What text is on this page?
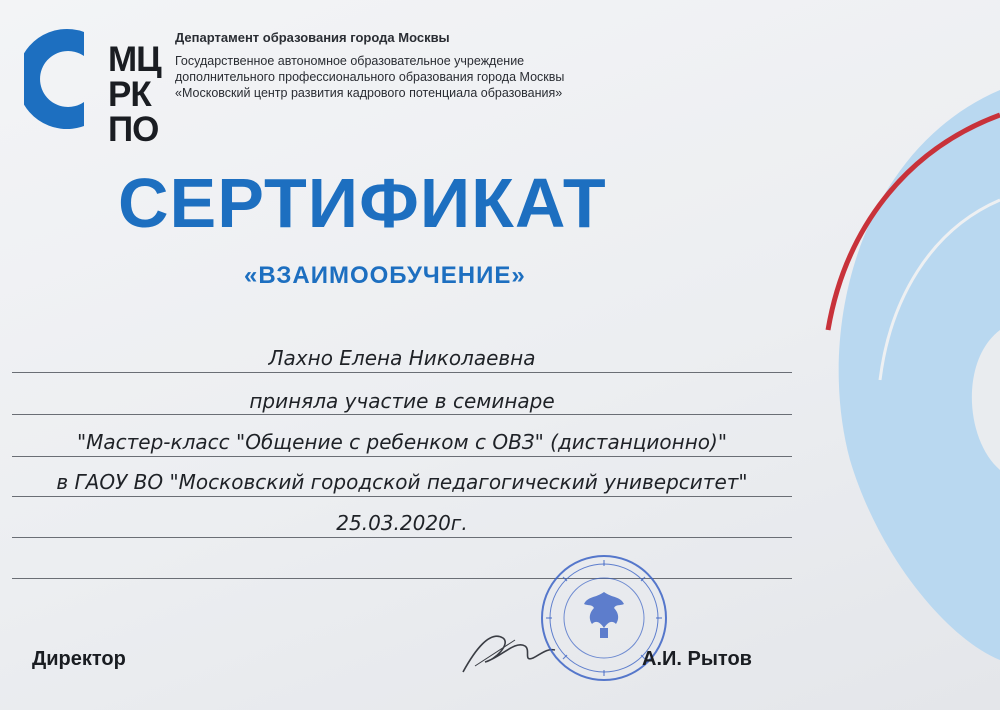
МЦ
РК
ПО
Департамент образования города Москвы
Государственное автономное образовательное учреждение
дополнительного профессионального образования города Москвы
«Московский центр развития кадрового потенциала образования»
СЕРТИФИКАТ
«ВЗАИМООБУЧЕНИЕ»
Лахно Елена Николаевна
приняла участие в семинаре
"Мастер-класс "Общение с ребенком с ОВЗ" (дистанционно)"
в ГАОУ ВО "Московский городской педагогический университет"
25.03.2020г.
Директор	А.И. Рытов
